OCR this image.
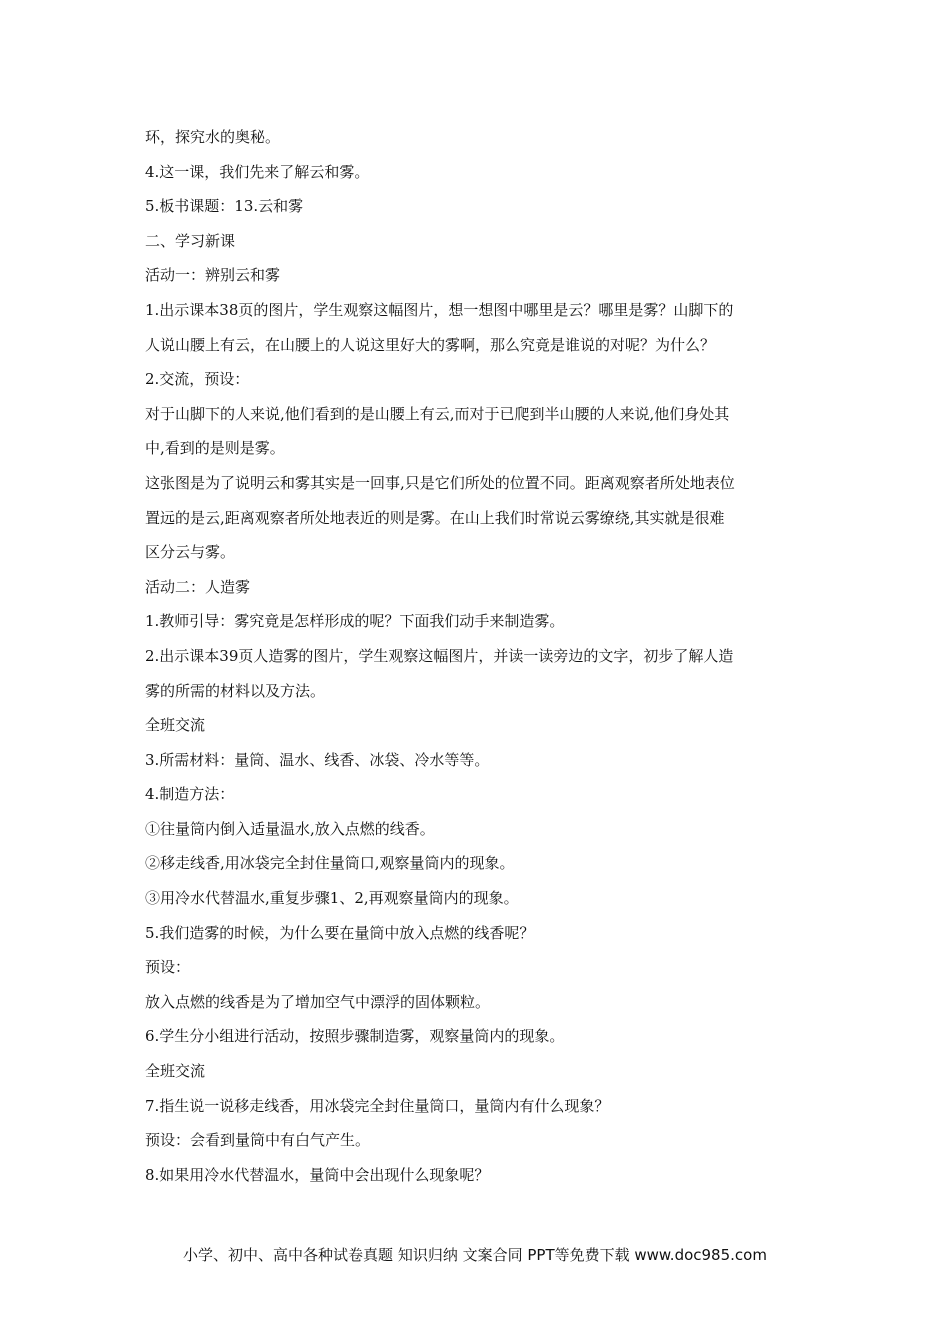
环，探究水的奥秘。
4.这一课，我们先来了解云和雾。
5.板书课题：13.云和雾
二、学习新课
活动一：辨别云和雾
1.出示课本38页的图片，学生观察这幅图片，想一想图中哪里是云？哪里是雾？山脚下的
人说山腰上有云，在山腰上的人说这里好大的雾啊，那么究竟是谁说的对呢？为什么？
2.交流，预设：
对于山脚下的人来说,他们看到的是山腰上有云,而对于已爬到半山腰的人来说,他们身处其
中,看到的是则是雾。
这张图是为了说明云和雾其实是一回事,只是它们所处的位置不同。距离观察者所处地表位
置远的是云,距离观察者所处地表近的则是雾。在山上我们时常说云雾缭绕,其实就是很难
区分云与雾。
活动二：人造雾
1.教师引导：雾究竟是怎样形成的呢？下面我们动手来制造雾。
2.出示课本39页人造雾的图片，学生观察这幅图片，并读一读旁边的文字，初步了解人造
雾的所需的材料以及方法。
全班交流
3.所需材料：量筒、温水、线香、冰袋、冷水等等。
4.制造方法：
①往量筒内倒入适量温水,放入点燃的线香。
②移走线香,用冰袋完全封住量筒口,观察量筒内的现象。
③用冷水代替温水,重复步骤1、2,再观察量筒内的现象。
5.我们造雾的时候，为什么要在量筒中放入点燃的线香呢？
预设：
放入点燃的线香是为了增加空气中漂浮的固体颗粒。
6.学生分小组进行活动，按照步骤制造雾，观察量筒内的现象。
全班交流
7.指生说一说移走线香，用冰袋完全封住量筒口，量筒内有什么现象？
预设：会看到量筒中有白气产生。
8.如果用冷水代替温水，量筒中会出现什么现象呢？
小学、初中、高中各种试卷真题 知识归纳 文案合同 PPT等免费下载 www.doc985.com
